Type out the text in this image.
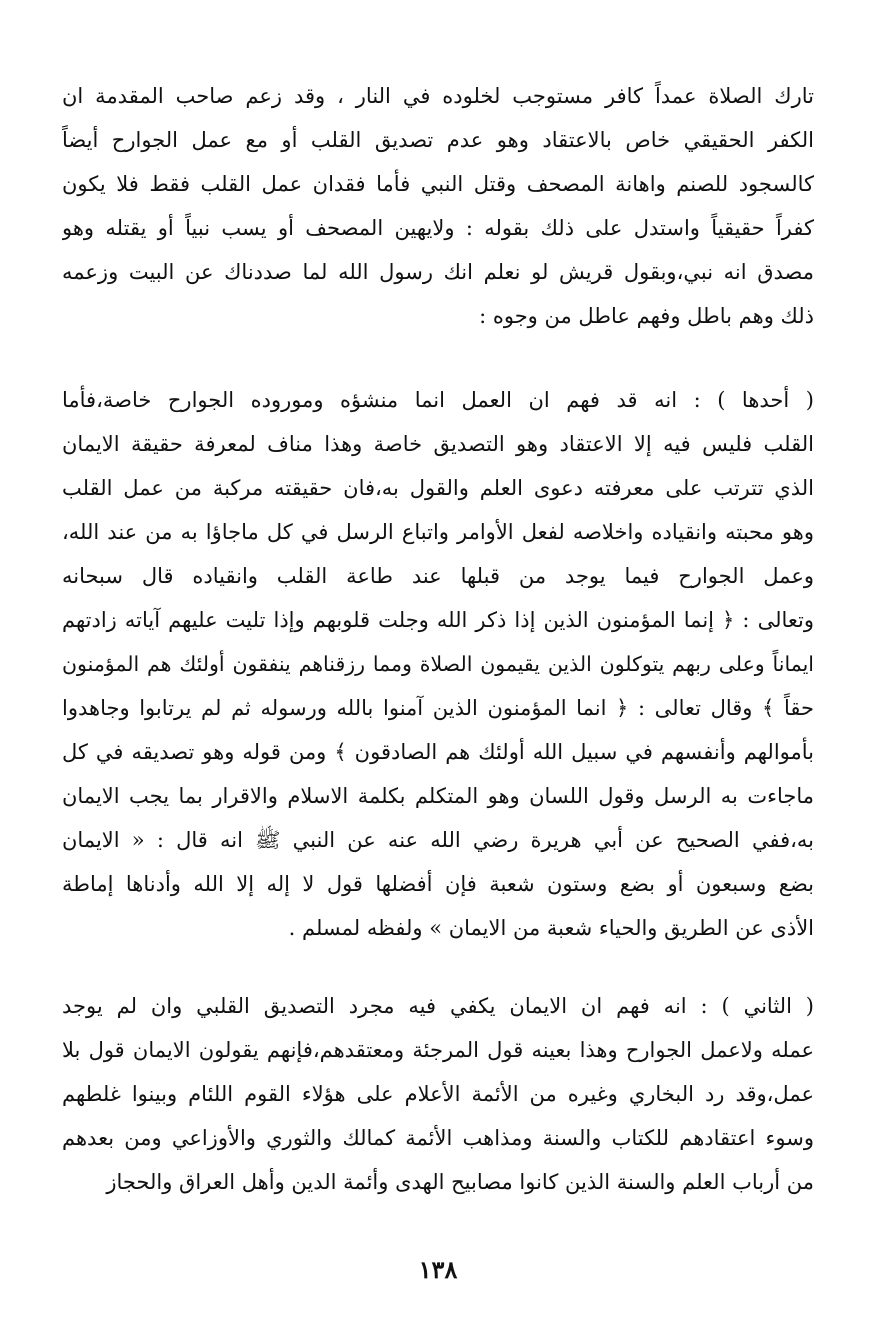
تارك الصلاة عمداً كافر مستوجب لخلوده في النار ، وقد زعم صاحب المقدمة ان
الكفر الحقيقي خاص بالاعتقاد وهو عدم تصديق القلب أو مع عمل الجوارح أيضاً
كالسجود للصنم واهانة المصحف وقتل النبي فأما فقدان عمل القلب فقط فلا يكون
كفراً حقيقياً واستدل على ذلك بقوله : ولايهين المصحف أو يسب نبياً أو يقتله وهو
مصدق انه نبي،وبقول قريش لو نعلم انك رسول الله لما صددناك عن البيت وزعمه
ذلك وهم باطل وفهم عاطل من وجوه :
( أحدها ) : انه قد فهم ان العمل انما منشؤه وموروده الجوارح خاصة،فأما
القلب فليس فيه إلا الاعتقاد وهو التصديق خاصة وهذا مناف لمعرفة حقيقة الايمان
الذي تترتب على معرفته دعوى العلم والقول به،فان حقيقته مركبة من عمل القلب
وهو محبته وانقياده واخلاصه لفعل الأوامر واتباع الرسل في كل ماجاؤا به من عند الله،
وعمل الجوارح فيما يوجد من قبلها عند طاعة القلب وانقياده قال سبحانه
وتعالى : ﴿ إنما المؤمنون الذين إذا ذكر الله وجلت قلوبهم وإذا تليت عليهم آياته زادتهم
ايماناً وعلى ربهم يتوكلون الذين يقيمون الصلاة ومما رزقناهم ينفقون أولئك هم المؤمنون
حقاً ﴾ وقال تعالى : ﴿ انما المؤمنون الذين آمنوا بالله ورسوله ثم لم يرتابوا وجاهدوا
بأموالهم وأنفسهم في سبيل الله أولئك هم الصادقون ﴾ ومن قوله وهو تصديقه في كل
ماجاءت به الرسل وقول اللسان وهو المتكلم بكلمة الاسلام والاقرار بما يجب الايمان
به،ففي الصحيح عن أبي هريرة رضي الله عنه عن النبي ﷺ انه قال : « الايمان
بضع وسبعون أو بضع وستون شعبة فإن أفضلها قول لا إله إلا الله وأدناها إماطة
الأذى عن الطريق والحياء شعبة من الايمان » ولفظه لمسلم .
( الثاني ) : انه فهم ان الايمان يكفي فيه مجرد التصديق القلبي وان لم يوجد
عمله ولاعمل الجوارح وهذا بعينه قول المرجئة ومعتقدهم،فإنهم يقولون الايمان قول بلا
عمل،وقد رد البخاري وغيره من الأئمة الأعلام على هؤلاء القوم اللئام وبينوا غلطهم
وسوء اعتقادهم للكتاب والسنة ومذاهب الأئمة كمالك والثوري والأوزاعي ومن بعدهم
من أرباب العلم والسنة الذين كانوا مصابيح الهدى وأئمة الدين وأهل العراق والحجاز
١٣٨
